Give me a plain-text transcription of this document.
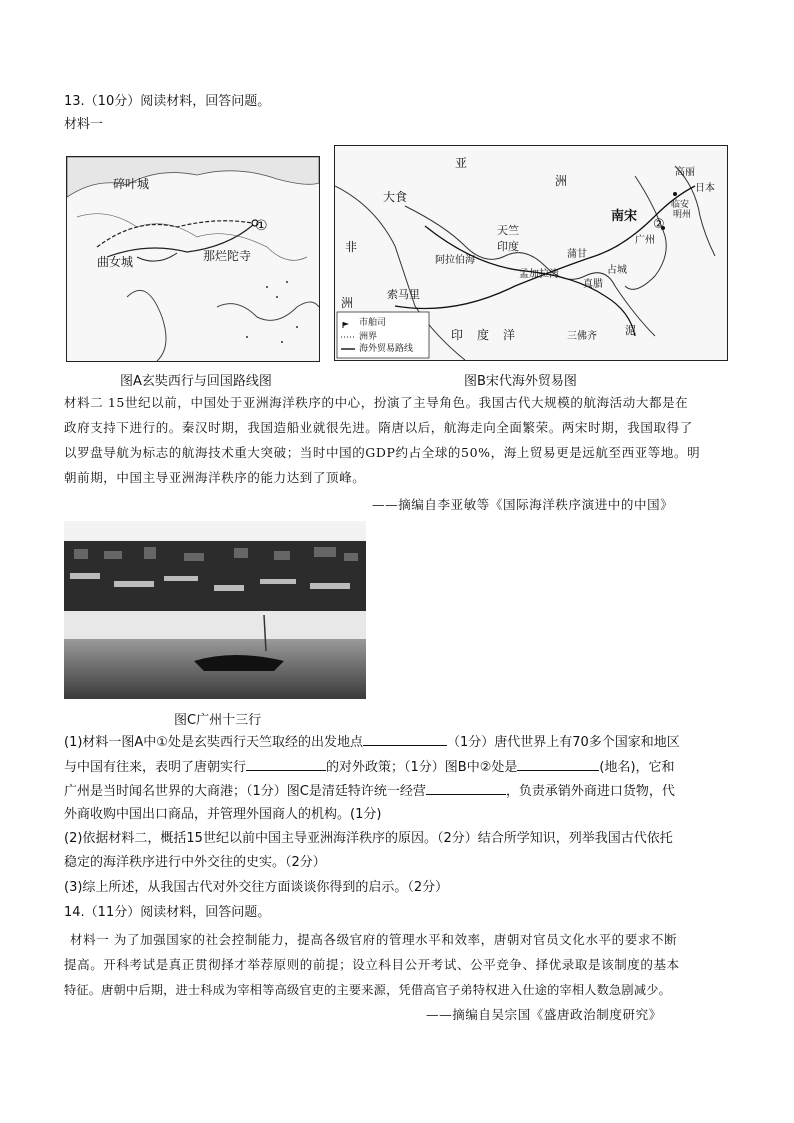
13.（10分）阅读材料，回答问题。
材料一
碎叶城
①
那烂陀寺
曲女城
图A玄奘西行与回国路线图
亚
洲
大食
天竺
印度
非
洲
阿拉伯海
孟加拉湾
索马里
印度洋	三佛齐	泥
南宋
②
高丽
日本
广州
临安
明州
占城
真腊
蒲甘
市舶司
洲界
海外贸易路线
图B宋代海外贸易图
材料二 15世纪以前，中国处于亚洲海洋秩序的中心，扮演了主导角色。我国古代大规模的航海活动大都是在
政府支持下进行的。秦汉时期，我国造船业就很先进。隋唐以后，航海走向全面繁荣。两宋时期，我国取得了
以罗盘导航为标志的航海技术重大突破；当时中国的GDP约占全球的50%，海上贸易更是远航至西亚等地。明
朝前期，中国主导亚洲海洋秩序的能力达到了顶峰。
——摘编自李亚敏等《国际海洋秩序演进中的中国》
图C广州十三行
(1)材料一图A中①处是玄奘西行天竺取经的出发地点	（1分）唐代世界上有70多个国家和地区
与中国有往来，表明了唐朝实行	的对外政策；（1分）图B中②处是	(地名)，它和
广州是当时闻名世界的大商港；（1分）图C是清廷特许统一经营	，负责承销外商进口货物，代
外商收购中国出口商品，并管理外国商人的机构。(1分)
(2)依据材料二，概括15世纪以前中国主导亚洲海洋秩序的原因。（2分）结合所学知识，列举我国古代依托
稳定的海洋秩序进行中外交往的史实。（2分）
(3)综上所述，从我国古代对外交往方面谈谈你得到的启示。（2分）
14.（11分）阅读材料，回答问题。
材料一 为了加强国家的社会控制能力，提高各级官府的管理水平和效率，唐朝对官员文化水平的要求不断
提高。开科考试是真正贯彻择才举荐原则的前提；设立科目公开考试、公平竞争、择优录取是该制度的基本
特征。唐朝中后期，进士科成为宰相等高级官吏的主要来源，凭借高官子弟特权进入仕途的宰相人数急剧减少。
——摘编自吴宗国《盛唐政治制度研究》
